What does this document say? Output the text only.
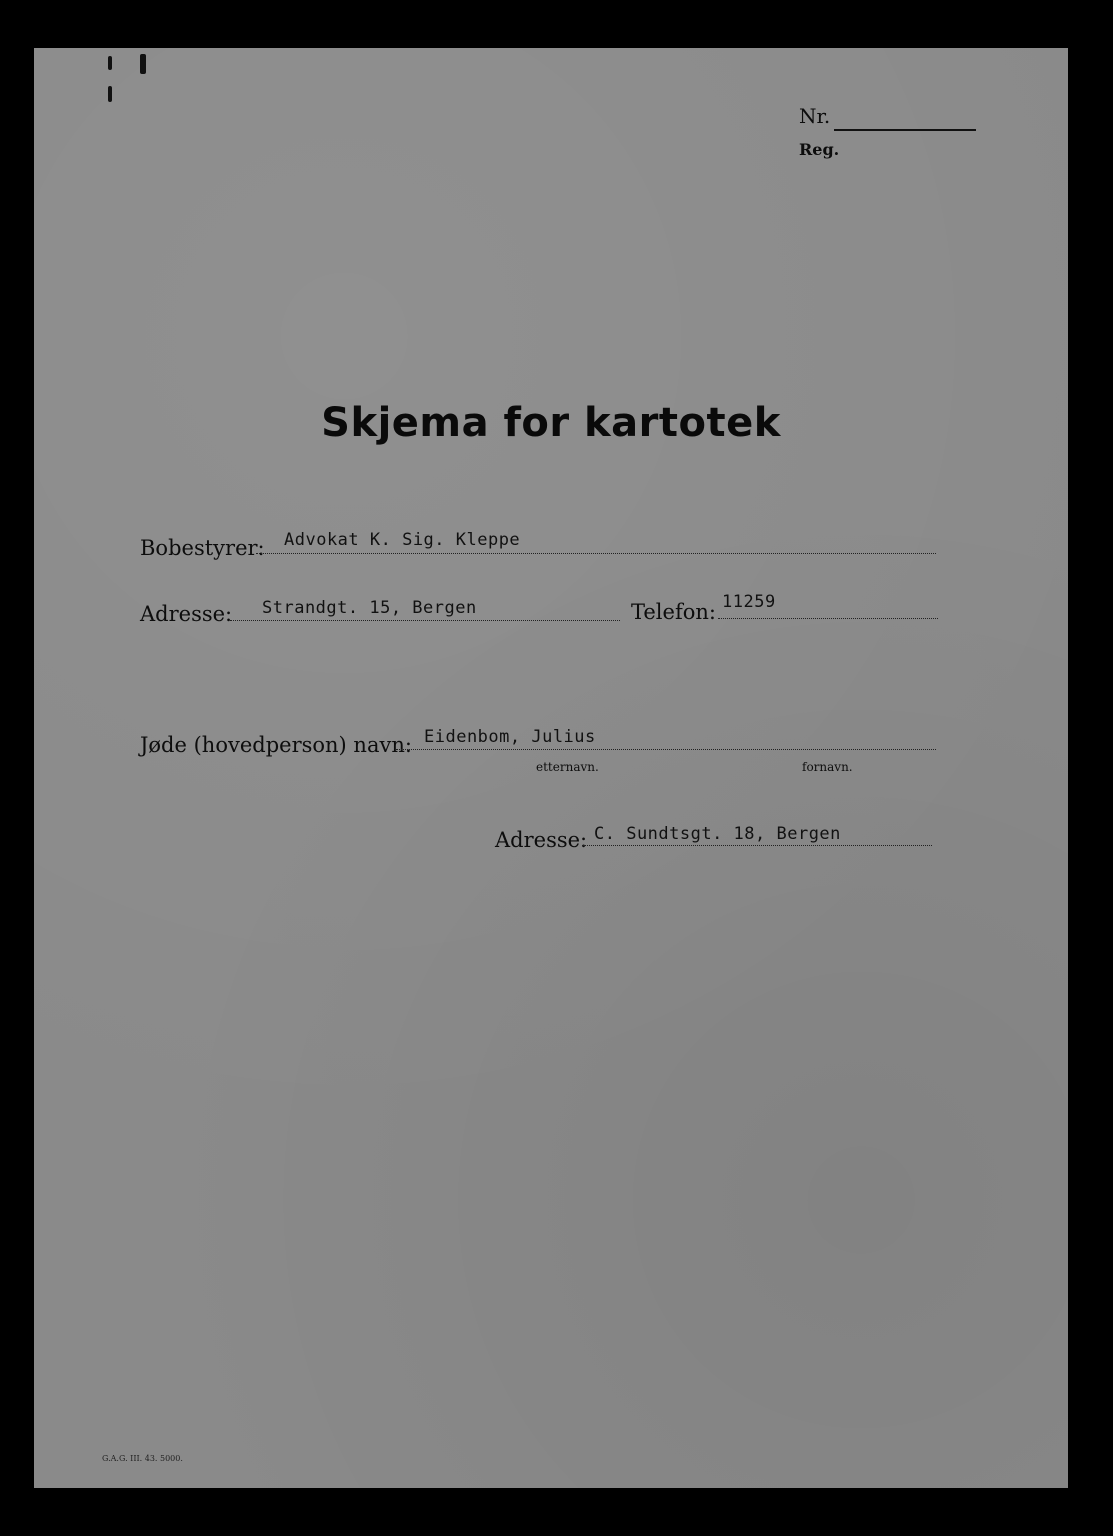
Nr.
Reg.
Skjema for kartotek
Bobestyrer: Advokat K. Sig. Kleppe
Adresse: Strandgt. 15, Bergen	Telefon: 11259
Jøde (hovedperson) navn: Eidenbom, Julius
etternavn.	fornavn.
Adresse: C. Sundtsgt. 18, Bergen
G.A.G. III. 43. 5000.
